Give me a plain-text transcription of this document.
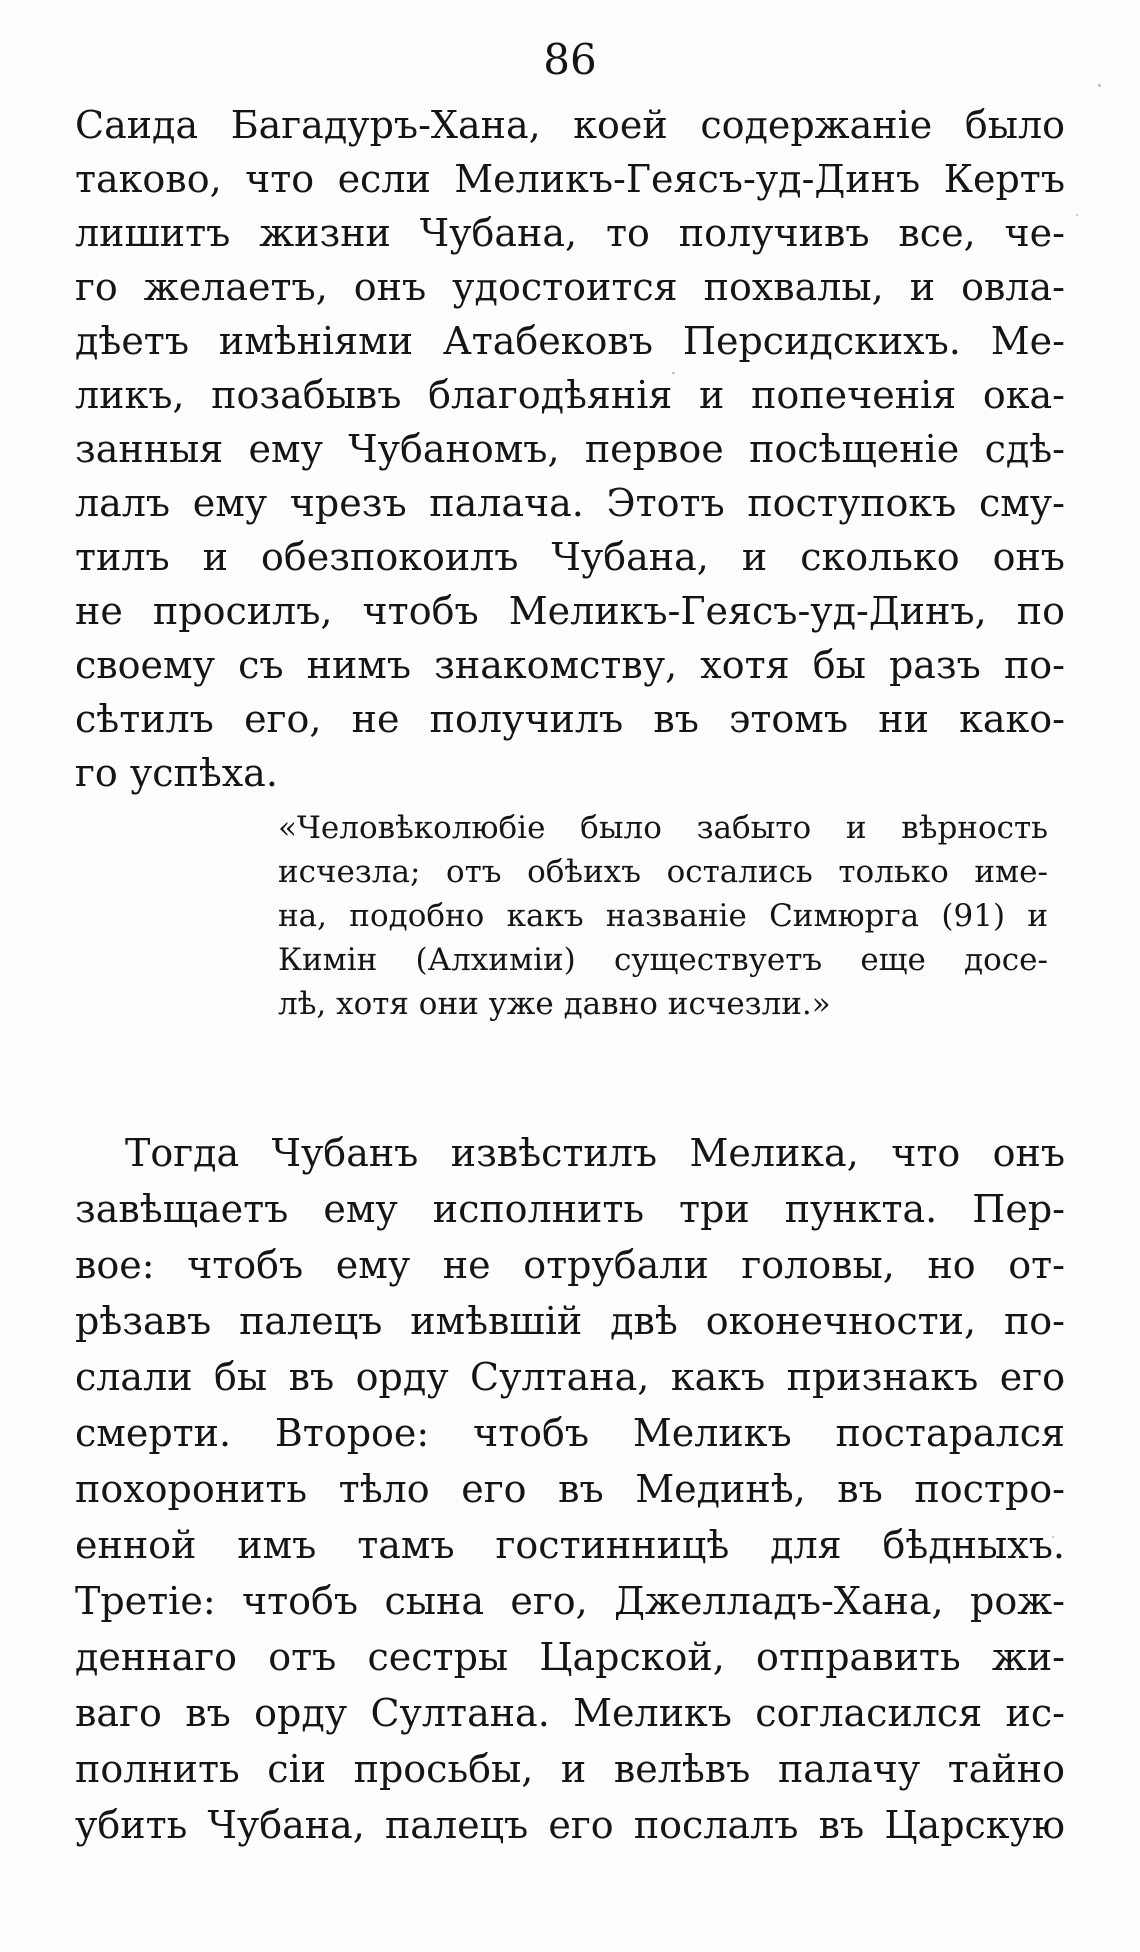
86
Саида Багадуръ-Хана, коей содержаніе было
таково, что если Меликъ-Геясъ-уд-Динъ Кертъ
лишитъ жизни Чубана, то получивъ все, че-
го желаетъ, онъ удостоится похвалы, и овла-
дѣетъ имѣніями Атабековъ Персидскихъ. Ме-
ликъ, позабывъ благодѣянія и попеченія ока-
занныя ему Чубаномъ, первое посѣщеніе сдѣ-
лалъ ему чрезъ палача. Этотъ поступокъ сму-
тилъ и обезпокоилъ Чубана, и сколько онъ
не просилъ, чтобъ Меликъ-Геясъ-уд-Динъ, по
своему съ нимъ знакомству, хотя бы разъ по-
сѣтилъ его, не получилъ въ этомъ ни како-
го успѣха.
«Человѣколюбіе было забыто и вѣрность
исчезла; отъ обѣихъ остались только име-
на, подобно какъ названіе Симюрга (91) и
Кимін (Алхиміи) существуетъ еще досе-
лѣ, хотя они уже давно исчезли.»
Тогда Чубанъ извѣстилъ Мелика, что онъ
завѣщаетъ ему исполнить три пункта. Пер-
вое: чтобъ ему не отрубали головы, но от-
рѣзавъ палецъ имѣвшій двѣ оконечности, по-
слали бы въ орду Султана, какъ признакъ его
смерти. Второе: чтобъ Меликъ постарался
похоронить тѣло его въ Мединѣ, въ постро-
енной имъ тамъ гостинницѣ для бѣдныхъ.
Третіе: чтобъ сына его, Джелладъ-Хана, рож-
деннаго отъ сестры Царской, отправить жи-
ваго въ орду Султана. Меликъ согласился ис-
полнить сіи просьбы, и велѣвъ палачу тайно
убить Чубана, палецъ его послалъ въ Царскую
